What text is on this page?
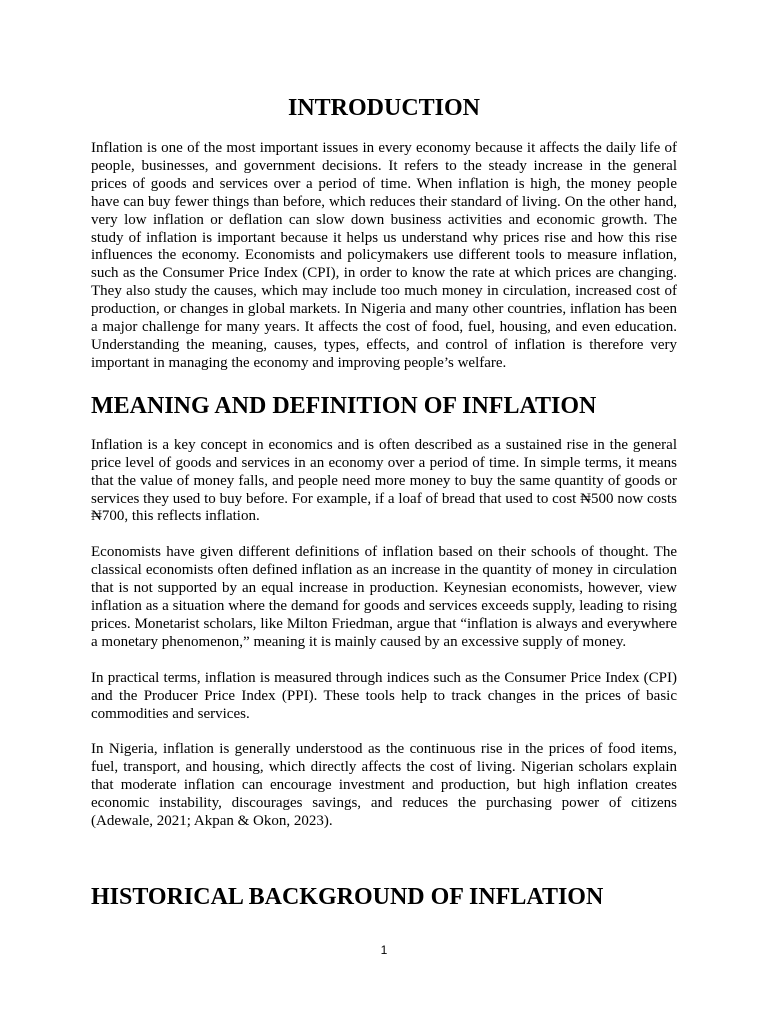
INTRODUCTION

Inflation is one of the most important issues in every economy because it affects the daily life of people, businesses, and government decisions. It refers to the steady increase in the general prices of goods and services over a period of time. When inflation is high, the money people have can buy fewer things than before, which reduces their standard of living. On the other hand, very low inflation or deflation can slow down business activities and economic growth. The study of inflation is important because it helps us understand why prices rise and how this rise influences the economy. Economists and policymakers use different tools to measure inflation, such as the Consumer Price Index (CPI), in order to know the rate at which prices are changing. They also study the causes, which may include too much money in circulation, increased cost of production, or changes in global markets. In Nigeria and many other countries, inflation has been a major challenge for many years. It affects the cost of food, fuel, housing, and even education. Understanding the meaning, causes, types, effects, and control of inflation is therefore very important in managing the economy and improving people’s welfare.

MEANING AND DEFINITION OF INFLATION

Inflation is a key concept in economics and is often described as a sustained rise in the general price level of goods and services in an economy over a period of time. In simple terms, it means that the value of money falls, and people need more money to buy the same quantity of goods or services they used to buy before. For example, if a loaf of bread that used to cost ₦500 now costs ₦700, this reflects inflation.

Economists have given different definitions of inflation based on their schools of thought. The classical economists often defined inflation as an increase in the quantity of money in circulation that is not supported by an equal increase in production. Keynesian economists, however, view inflation as a situation where the demand for goods and services exceeds supply, leading to rising prices. Monetarist scholars, like Milton Friedman, argue that “inflation is always and everywhere a monetary phenomenon,” meaning it is mainly caused by an excessive supply of money.

In practical terms, inflation is measured through indices such as the Consumer Price Index (CPI) and the Producer Price Index (PPI). These tools help to track changes in the prices of basic commodities and services.

In Nigeria, inflation is generally understood as the continuous rise in the prices of food items, fuel, transport, and housing, which directly affects the cost of living. Nigerian scholars explain that moderate inflation can encourage investment and production, but high inflation creates economic instability, discourages savings, and reduces the purchasing power of citizens (Adewale, 2021; Akpan & Okon, 2023).

HISTORICAL BACKGROUND OF INFLATION
1
